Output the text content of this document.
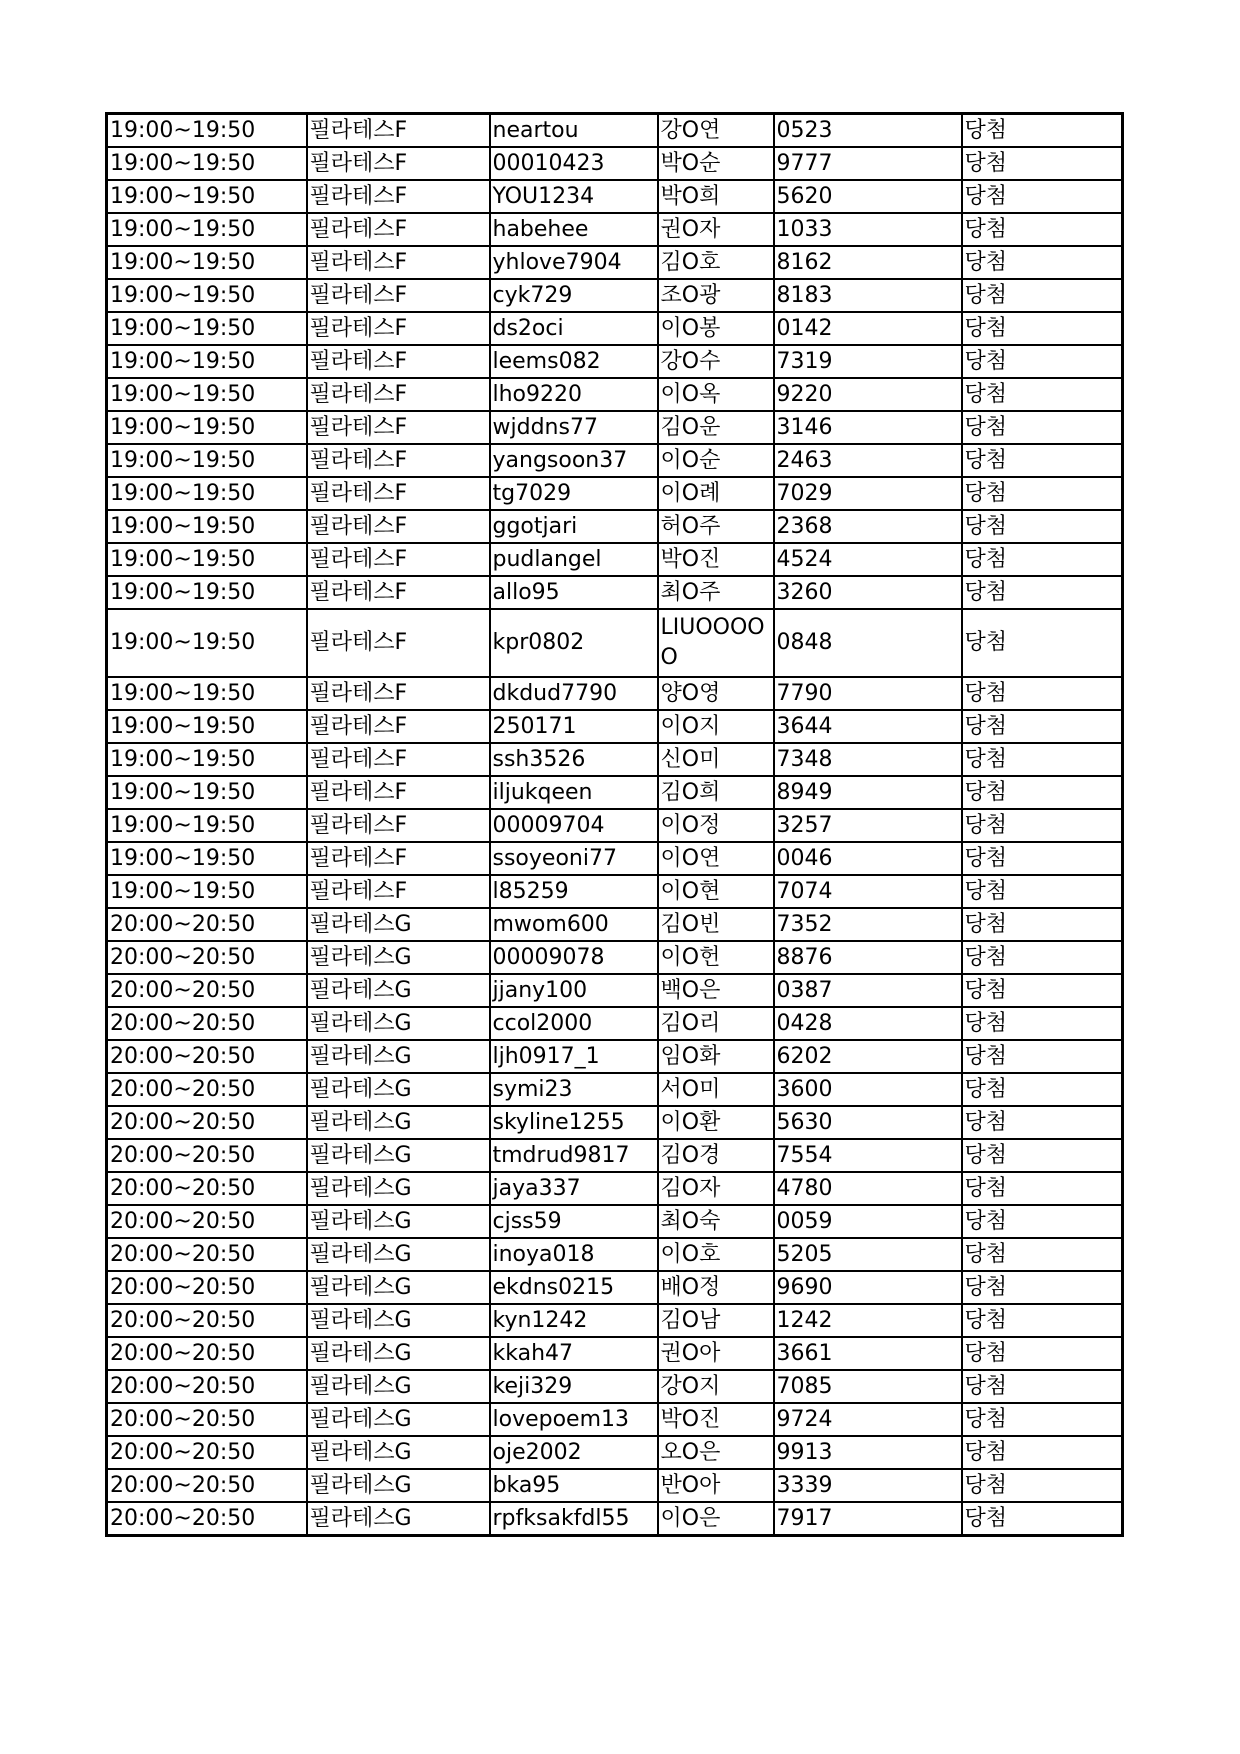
19:00~19:50	필라테스F	neartou	강O연	0523	당첨
19:00~19:50	필라테스F	00010423	박O순	9777	당첨
19:00~19:50	필라테스F	YOU1234	박O희	5620	당첨
19:00~19:50	필라테스F	habehee	권O자	1033	당첨
19:00~19:50	필라테스F	yhlove7904	김O호	8162	당첨
19:00~19:50	필라테스F	cyk729	조O광	8183	당첨
19:00~19:50	필라테스F	ds2oci	이O봉	0142	당첨
19:00~19:50	필라테스F	leems082	강O수	7319	당첨
19:00~19:50	필라테스F	lho9220	이O옥	9220	당첨
19:00~19:50	필라테스F	wjddns77	김O운	3146	당첨
19:00~19:50	필라테스F	yangsoon37	이O순	2463	당첨
19:00~19:50	필라테스F	tg7029	이O례	7029	당첨
19:00~19:50	필라테스F	ggotjari	허O주	2368	당첨
19:00~19:50	필라테스F	pudlangel	박O진	4524	당첨
19:00~19:50	필라테스F	allo95	최O주	3260	당첨
19:00~19:50	필라테스F	kpr0802	LIUOOOOO	0848	당첨
19:00~19:50	필라테스F	dkdud7790	양O영	7790	당첨
19:00~19:50	필라테스F	250171	이O지	3644	당첨
19:00~19:50	필라테스F	ssh3526	신O미	7348	당첨
19:00~19:50	필라테스F	iljukqeen	김O희	8949	당첨
19:00~19:50	필라테스F	00009704	이O정	3257	당첨
19:00~19:50	필라테스F	ssoyeoni77	이O연	0046	당첨
19:00~19:50	필라테스F	l85259	이O현	7074	당첨
20:00~20:50	필라테스G	mwom600	김O빈	7352	당첨
20:00~20:50	필라테스G	00009078	이O헌	8876	당첨
20:00~20:50	필라테스G	jjany100	백O은	0387	당첨
20:00~20:50	필라테스G	ccol2000	김O리	0428	당첨
20:00~20:50	필라테스G	ljh0917_1	임O화	6202	당첨
20:00~20:50	필라테스G	symi23	서O미	3600	당첨
20:00~20:50	필라테스G	skyline1255	이O환	5630	당첨
20:00~20:50	필라테스G	tmdrud9817	김O경	7554	당첨
20:00~20:50	필라테스G	jaya337	김O자	4780	당첨
20:00~20:50	필라테스G	cjss59	최O숙	0059	당첨
20:00~20:50	필라테스G	inoya018	이O호	5205	당첨
20:00~20:50	필라테스G	ekdns0215	배O정	9690	당첨
20:00~20:50	필라테스G	kyn1242	김O남	1242	당첨
20:00~20:50	필라테스G	kkah47	권O아	3661	당첨
20:00~20:50	필라테스G	keji329	강O지	7085	당첨
20:00~20:50	필라테스G	lovepoem13	박O진	9724	당첨
20:00~20:50	필라테스G	oje2002	오O은	9913	당첨
20:00~20:50	필라테스G	bka95	반O아	3339	당첨
20:00~20:50	필라테스G	rpfksakfdl55	이O은	7917	당첨
